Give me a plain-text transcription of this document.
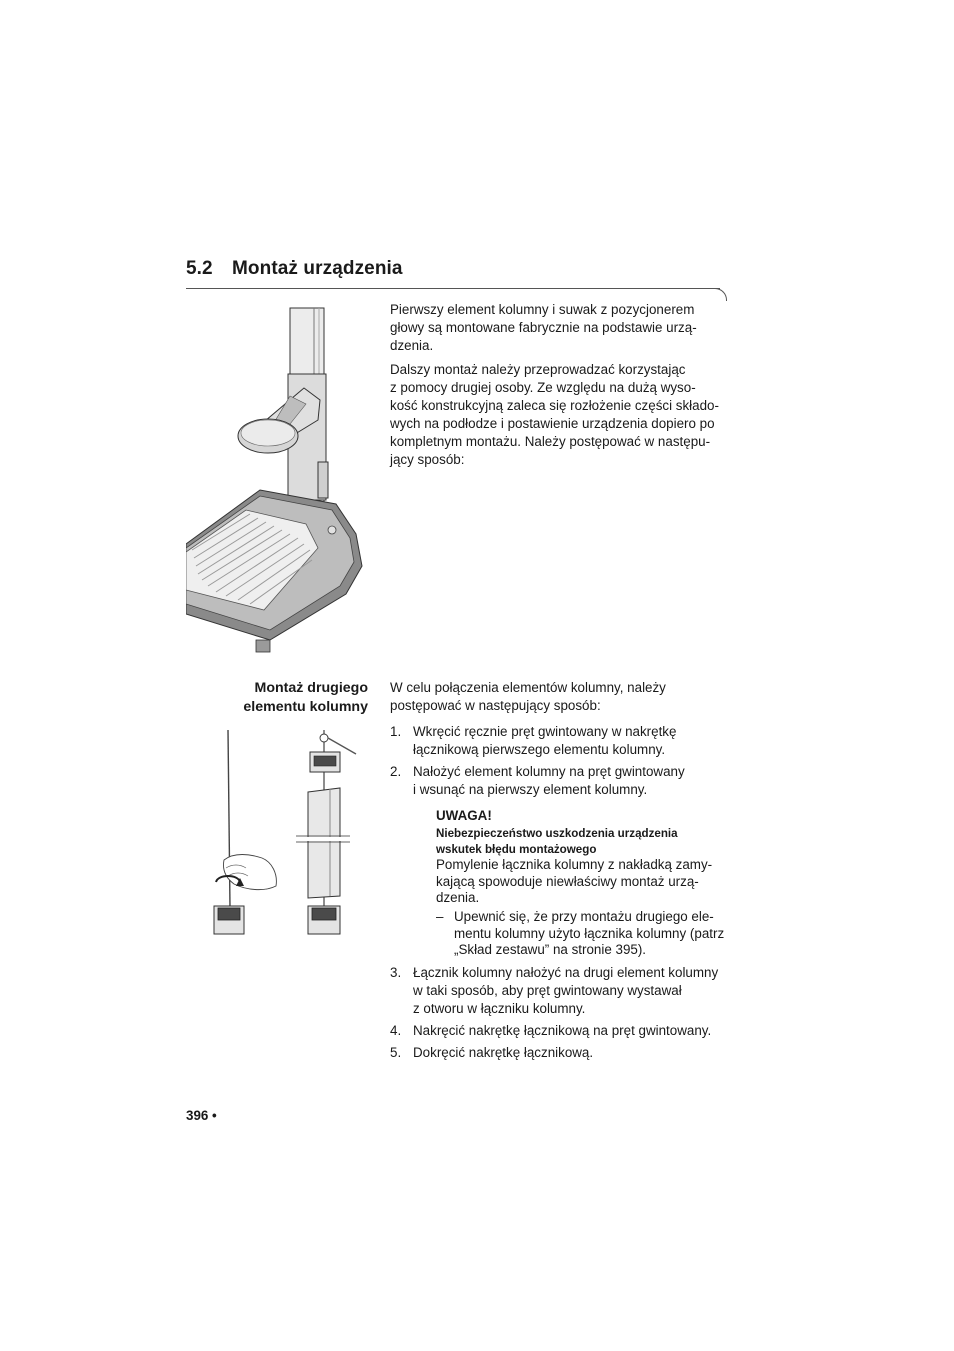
5.2 Montaż urządzenia
Pierwszy element kolumny i suwak z pozycjonerem
głowy są montowane fabrycznie na podstawie urzą-
dzenia.
Dalszy montaż należy przeprowadzać korzystając
z pomocy drugiej osoby. Ze względu na dużą wyso-
kość konstrukcyjną zaleca się rozłożenie części składo-
wych na podłodze i postawienie urządzenia dopiero po
kompletnym montażu. Należy postępować w następu-
jący sposób:
Montaż drugiego
elementu kolumny
W celu połączenia elementów kolumny, należy
postępować w następujący sposób:
1. Wkręcić ręcznie pręt gwintowany w nakrętkę
łącznikową pierwszego elementu kolumny.
2. Nałożyć element kolumny na pręt gwintowany
i wsunąć na pierwszy element kolumny.
UWAGA!
Niebezpieczeństwo uszkodzenia urządzenia
wskutek błędu montażowego
Pomylenie łącznika kolumny z nakładką zamy-
kającą spowoduje niewłaściwy montaż urzą-
dzenia.
– Upewnić się, że przy montażu drugiego ele-
mentu kolumny użyto łącznika kolumny (patrz
„Skład zestawu” na stronie 395).
3. Łącznik kolumny nałożyć na drugi element kolumny
w taki sposób, aby pręt gwintowany wystawał
z otworu w łączniku kolumny.
4. Nakręcić nakrętkę łącznikową na pręt gwintowany.
5. Dokręcić nakrętkę łącznikową.
396 •
